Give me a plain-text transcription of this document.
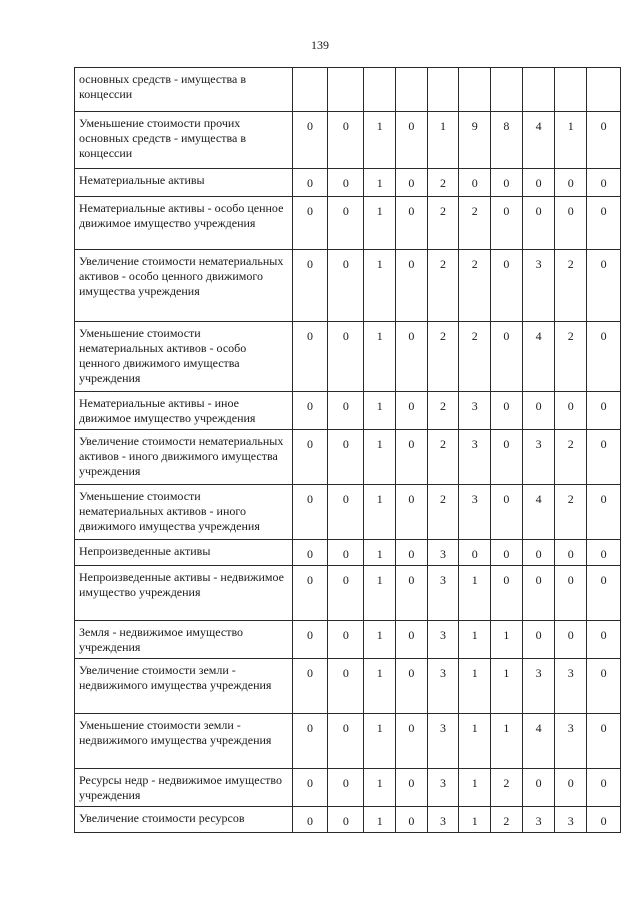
139
основных средств - имущества в концессии										
Уменьшение стоимости прочих основных средств - имущества в концессии	0	0	1	0	1	9	8	4	1	0
Нематериальные активы	0	0	1	0	2	0	0	0	0	0
Нематериальные активы - особо ценное движимое имущество учреждения	0	0	1	0	2	2	0	0	0	0
Увеличение стоимости нематериальных активов - особо ценного движимого имущества учреждения	0	0	1	0	2	2	0	3	2	0
Уменьшение стоимости нематериальных активов - особо ценного движимого имущества учреждения	0	0	1	0	2	2	0	4	2	0
Нематериальные активы - иное движимое имущество учреждения	0	0	1	0	2	3	0	0	0	0
Увеличение стоимости нематериальных активов - иного движимого имущества учреждения	0	0	1	0	2	3	0	3	2	0
Уменьшение стоимости нематериальных активов - иного движимого имущества учреждения	0	0	1	0	2	3	0	4	2	0
Непроизведенные активы	0	0	1	0	3	0	0	0	0	0
Непроизведенные активы - недвижимое имущество учреждения	0	0	1	0	3	1	0	0	0	0
Земля - недвижимое имущество учреждения	0	0	1	0	3	1	1	0	0	0
Увеличение стоимости земли - недвижимого имущества учреждения	0	0	1	0	3	1	1	3	3	0
Уменьшение стоимости земли - недвижимого имущества учреждения	0	0	1	0	3	1	1	4	3	0
Ресурсы недр - недвижимое имущество учреждения	0	0	1	0	3	1	2	0	0	0
Увеличение стоимости ресурсов	0	0	1	0	3	1	2	3	3	0
